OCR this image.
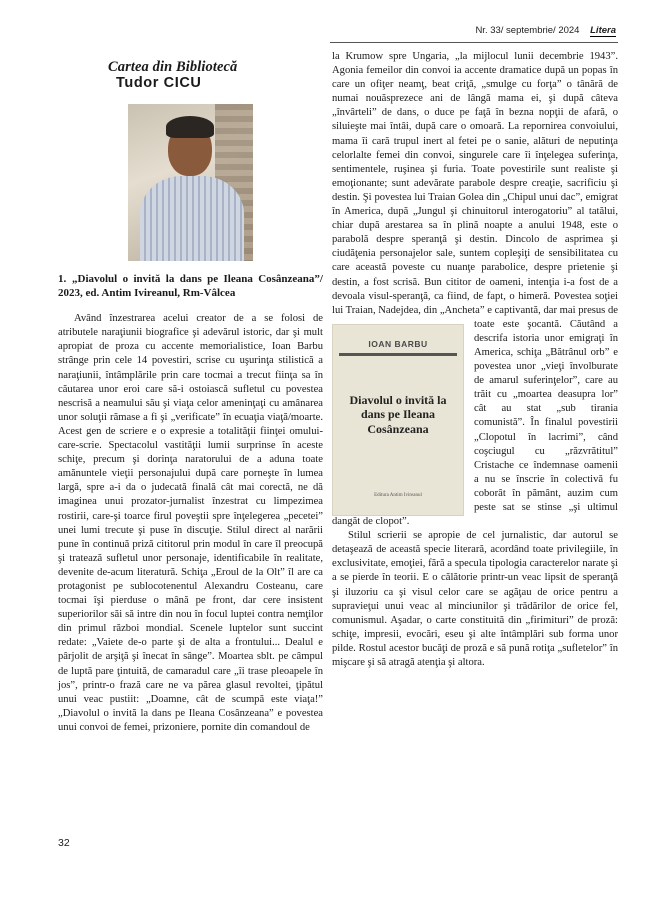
Nr. 33/ septembrie/ 2024 Litera
Cartea din Bibliotecă
Tudor CICU
1. „Diavolul o invită la dans pe Ileana Cosânzeana”/ 2023, ed. Antim Ivireanul, Rm-Vâlcea

Având înzestrarea acelui creator de a se folosi de atributele naraţiunii biografice şi adevărul istoric, dar şi mult apropiat de proza cu accente memorialistice, Ioan Barbu strânge prin cele 14 povestiri, scrise cu uşurinţa stilistică a naraţiunii, întâmplările prin care tocmai a trecut fiinţa sa în căutarea unor eroi care să-i ostoiască sufletul cu povestea nescrisă a neamului său şi viaţa celor ameninţaţi cu amânarea unor soluţii rămase a fi şi „verificate” în ecuaţia viaţă/moarte. Acest gen de scriere e o expresie a totalităţii fiinţei omului-care-scrie. Spectacolul vastităţii lumii surprinse în aceste schiţe, precum şi dorinţa naratorului de a aduna toate amănuntele vieţii personajului după care porneşte în lumea largă, spre a-i da o judecată finală cât mai corectă, ne dă imaginea unui prozator-jurnalist înzestrat cu limpezimea rostirii, care-şi toarce firul poveştii spre înţelegerea „pecetei” unei lumi trecute şi puse în discuţie. Stilul direct al narării pune în continuă priză cititorul prin modul în care îl preocupă şi tratează sufletul unor personaje, identificabile în realitate, devenite de-acum literatură. Schiţa „Eroul de la Olt” îl are ca protagonist pe sublocotenentul Alexandru Costeanu, care tocmai îşi pierduse o mână pe front, dar cere insistent superiorilor săi să intre din nou în focul luptei contra nemţilor din primul război mondial. Scenele luptelor sunt succint redate: „Vaiete de-o parte şi de alta a frontului... Dealul e pârjolit de arşiţă şi înecat în sânge”. Moartea sblt. pe câmpul de luptă pare ţintuită, de camaradul care „îi trase pleoapele în jos”, printr-o frază care ne va părea glasul revoltei, ţipătul unui veac pustiit: „Doamne, cât de scumpă este viaţa!” „Diavolul o invită la dans pe Ileana Cosânzeana” e povestea unui convoi de femei, prizoniere, pornite din comandoul de

la Krumow spre Ungaria, „la mijlocul lunii decembrie 1943”. Agonia femeilor din convoi ia accente dramatice după un popas în care un ofiţer neamţ, beat criţă, „smulge cu forţa” o tânără de numai nouăsprezece ani de lângă mama ei, şi după câteva „învârteli” de dans, o duce pe faţă în bezna nopţii de afară, o siluieşte mai întâi, după care o omoară. La repornirea convoiului, mama îi cară trupul inert al fetei pe o sanie, alături de neputinţa celorlalte femei din convoi, singurele care îi înţelegea suferinţa, sentimentele, ruşinea şi furia. Toate povestirile sunt realiste şi emoţionante; sunt adevărate parabole despre creaţie, sacrificiu şi destin. Şi povestea lui Traian Golea din „Chipul unui dac”, emigrat în America, după „Jungul şi chinuitorul interogatoriu” al tatălui, chiar după arestarea sa în plină noapte a anului 1948, este o parabolă despre speranţă şi destin. Dincolo de asprimea şi ciudăţenia personajelor sale, suntem copleşiţi de sensibilitatea cu care această poveste cu nuanţe parabolice, despre prietenie şi destin, a fost scrisă. Bun cititor de oameni, intenţia i-a fost de a devoala visul-speranţă, ca fiind, de fapt, o himeră. Povestea soţiei lui Traian, Nadejdea, din „Ancheta” e captivantă, dar mai presus de toate este şocantă. Căutând
a descrifa istoria unor emigraţi în America, schiţa „Bătrânul orb” e povestea unor „vieţi învolburate de amarul suferinţelor”, care au trăit cu „moartea deasupra lor” cât au stat „sub tirania comunistă”. În finalul povestirii „Clopotul în lacrimi”, când coşciugul cu „răzvrătitul” Cristache ce îndemnase oamenii a nu se înscrie în colectivă fu coborât în pământ, auzim cum peste sat se stinse „şi ultimul dangăt de clopot”.

IOAN BARBU
Diavolul o invită la dans pe Ileana Cosânzeana
Editura Antim Ivireanul

Stilul scrierii se apropie de cel jurnalistic, dar autorul se detaşează de această specie literară, acordând toate privilegiile, în exclusivitate, emoţiei, fără a specula tipologia caracterelor narate şi a se pierde în teorii. E o călătorie printr-un veac lipsit de speranţă şi iluzoriu ca şi visul celor care se agăţau de orice pentru a supravieţui unui veac al minciunilor şi trădărilor de orice fel, comunismul. Aşadar, o carte constituită din „firimituri” de proză: schiţe, impresii, evocări, eseu şi alte întâmplări sub forma unor pilde. Rostul acestor bucăţi de proză e să pună rotiţa „sufletelor” în mişcare şi să atragă atenţia şi altora.

32
